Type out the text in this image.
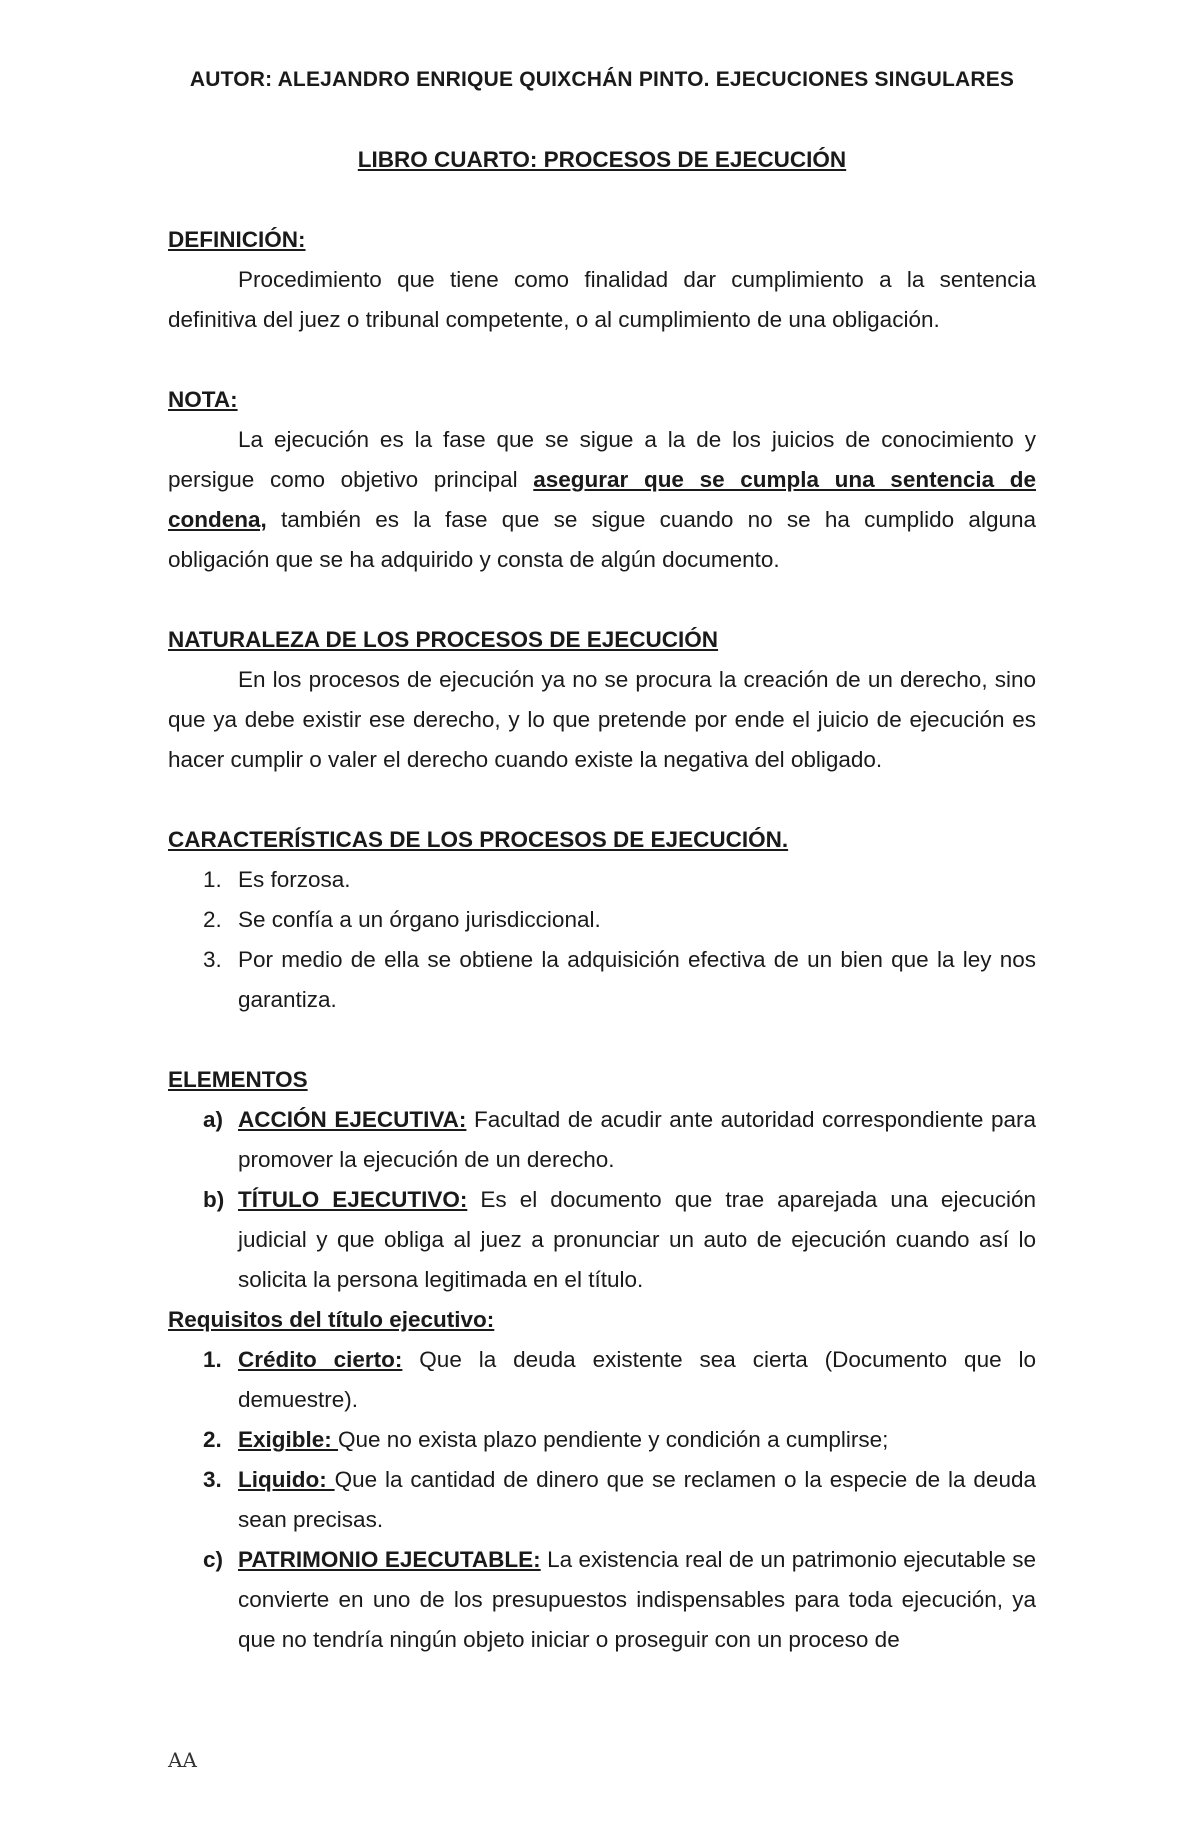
AUTOR: ALEJANDRO ENRIQUE QUIXCHÁN PINTO. EJECUCIONES SINGULARES
LIBRO CUARTO: PROCESOS DE EJECUCIÓN
DEFINICIÓN:

Procedimiento que tiene como finalidad dar cumplimiento a la sentencia definitiva del juez o tribunal competente, o al cumplimiento de una obligación.

NOTA:

La ejecución es la fase que se sigue a la de los juicios de conocimiento y persigue como objetivo principal asegurar que se cumpla una sentencia de condena, también es la fase que se sigue cuando no se ha cumplido alguna obligación que se ha adquirido y consta de algún documento.

NATURALEZA DE LOS PROCESOS DE EJECUCIÓN

En los procesos de ejecución ya no se procura la creación de un derecho, sino que ya debe existir ese derecho, y lo que pretende por ende el juicio de ejecución es hacer cumplir o valer el derecho cuando existe la negativa del obligado.

CARACTERÍSTICAS DE LOS PROCESOS DE EJECUCIÓN.
1. Es forzosa.
2. Se confía a un órgano jurisdiccional.
3. Por medio de ella se obtiene la adquisición efectiva de un bien que la ley nos garantiza.
ELEMENTOS
a) ACCIÓN EJECUTIVA: Facultad de acudir ante autoridad correspondiente para promover la ejecución de un derecho.
b) TÍTULO EJECUTIVO: Es el documento que trae aparejada una ejecución judicial y que obliga al juez a pronunciar un auto de ejecución cuando así lo solicita la persona legitimada en el título.
Requisitos del título ejecutivo:
1. Crédito cierto: Que la deuda existente sea cierta (Documento que lo demuestre).
2. Exigible: Que no exista plazo pendiente y condición a cumplirse;
3. Liquido: Que la cantidad de dinero que se reclamen o la especie de la deuda sean precisas.
c) PATRIMONIO EJECUTABLE: La existencia real de un patrimonio ejecutable se convierte en uno de los presupuestos indispensables para toda ejecución, ya que no tendría ningún objeto iniciar o proseguir con un proceso de
AA
